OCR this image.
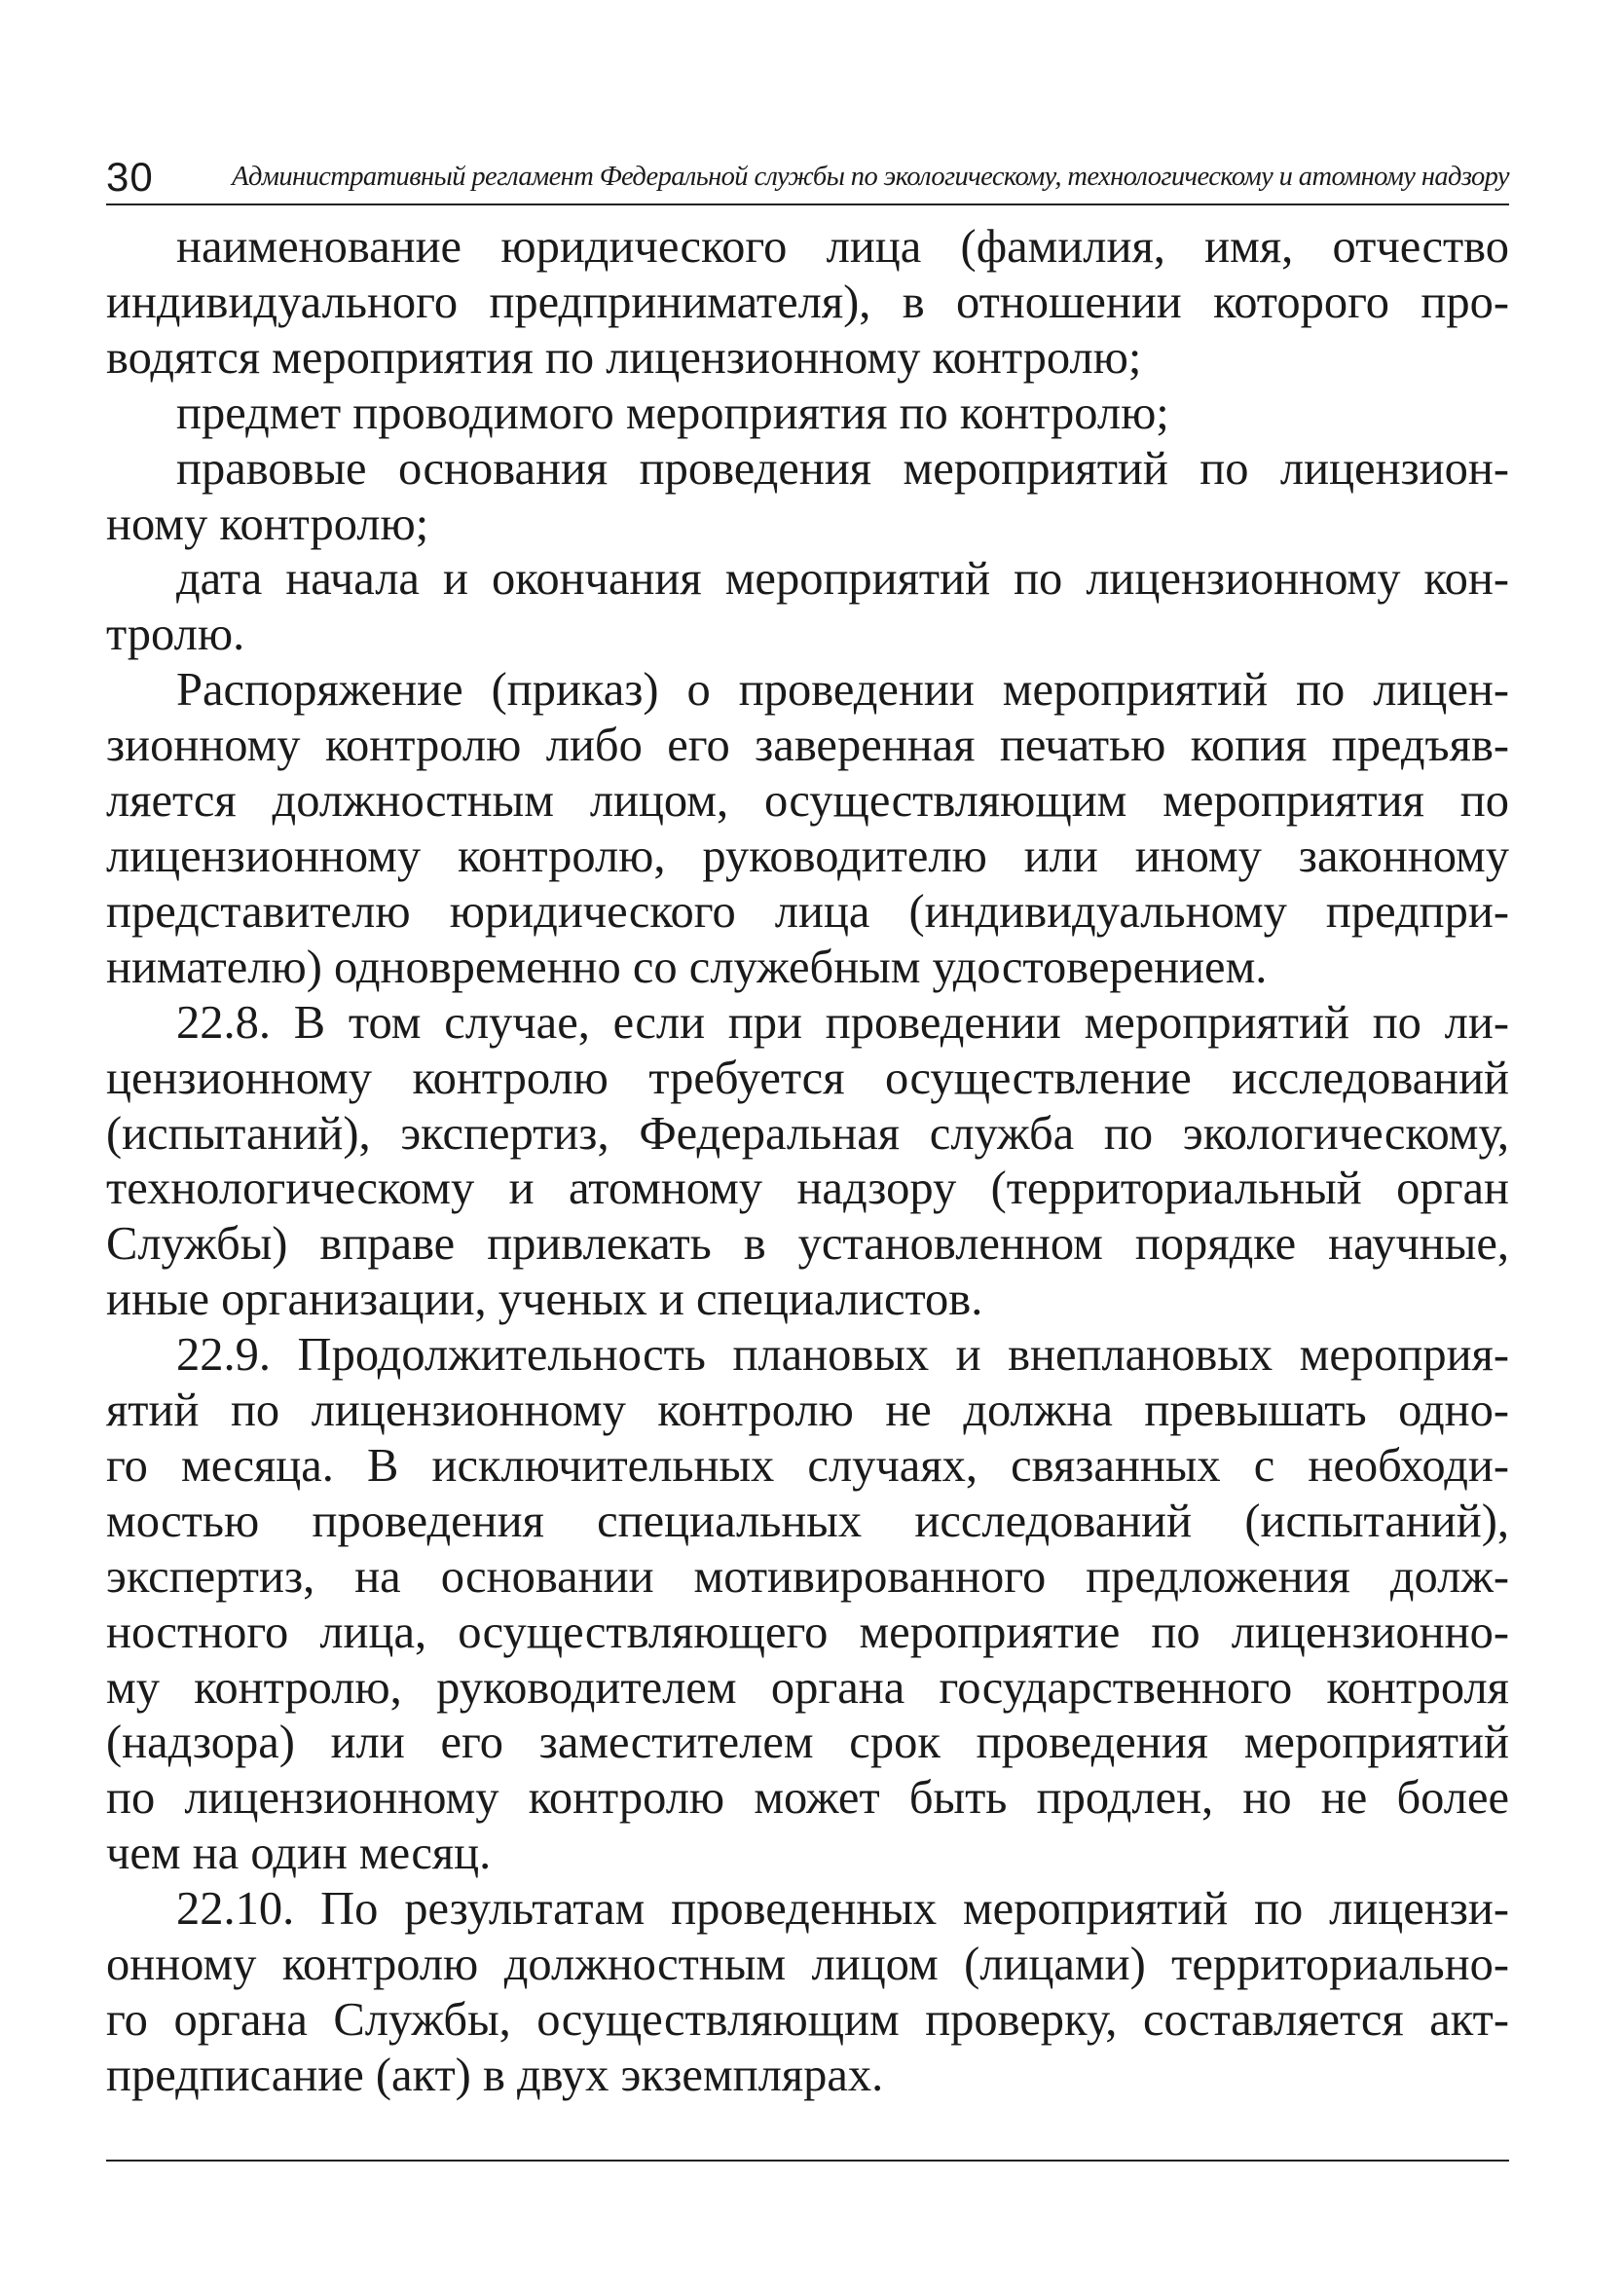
30	Административный регламент Федеральной службы по экологическому, технологическому и атомному надзору
наименование юридического лица (фамилия, имя, отчество
индивидуального предпринимателя), в отношении которого про-
водятся мероприятия по лицензионному контролю;
предмет проводимого мероприятия по контролю;
правовые основания проведения мероприятий по лицензион-
ному контролю;
дата начала и окончания мероприятий по лицензионному кон-
тролю.
Распоряжение (приказ) о проведении мероприятий по лицен-
зионному контролю либо его заверенная печатью копия предъяв-
ляется должностным лицом, осуществляющим мероприятия по
лицензионному контролю, руководителю или иному законному
представителю юридического лица (индивидуальному предпри-
нимателю) одновременно со служебным удостоверением.
22.8. В том случае, если при проведении мероприятий по ли-
цензионному контролю требуется осуществление исследований
(испытаний), экспертиз, Федеральная служба по экологическому,
технологическому и атомному надзору (территориальный орган
Службы) вправе привлекать в установленном порядке научные,
иные организации, ученых и специалистов.
22.9. Продолжительность плановых и внеплановых мероприя-
ятий по лицензионному контролю не должна превышать одно-
го месяца. В исключительных случаях, связанных с необходи-
мостью проведения специальных исследований (испытаний),
экспертиз, на основании мотивированного предложения долж-
ностного лица, осуществляющего мероприятие по лицензионно-
му контролю, руководителем органа государственного контроля
(надзора) или его заместителем срок проведения мероприятий
по лицензионному контролю может быть продлен, но не более
чем на один месяц.
22.10. По результатам проведенных мероприятий по лицензи-
онному контролю должностным лицом (лицами) территориально-
го органа Службы, осуществляющим проверку, составляется акт-
предписание (акт) в двух экземплярах.
